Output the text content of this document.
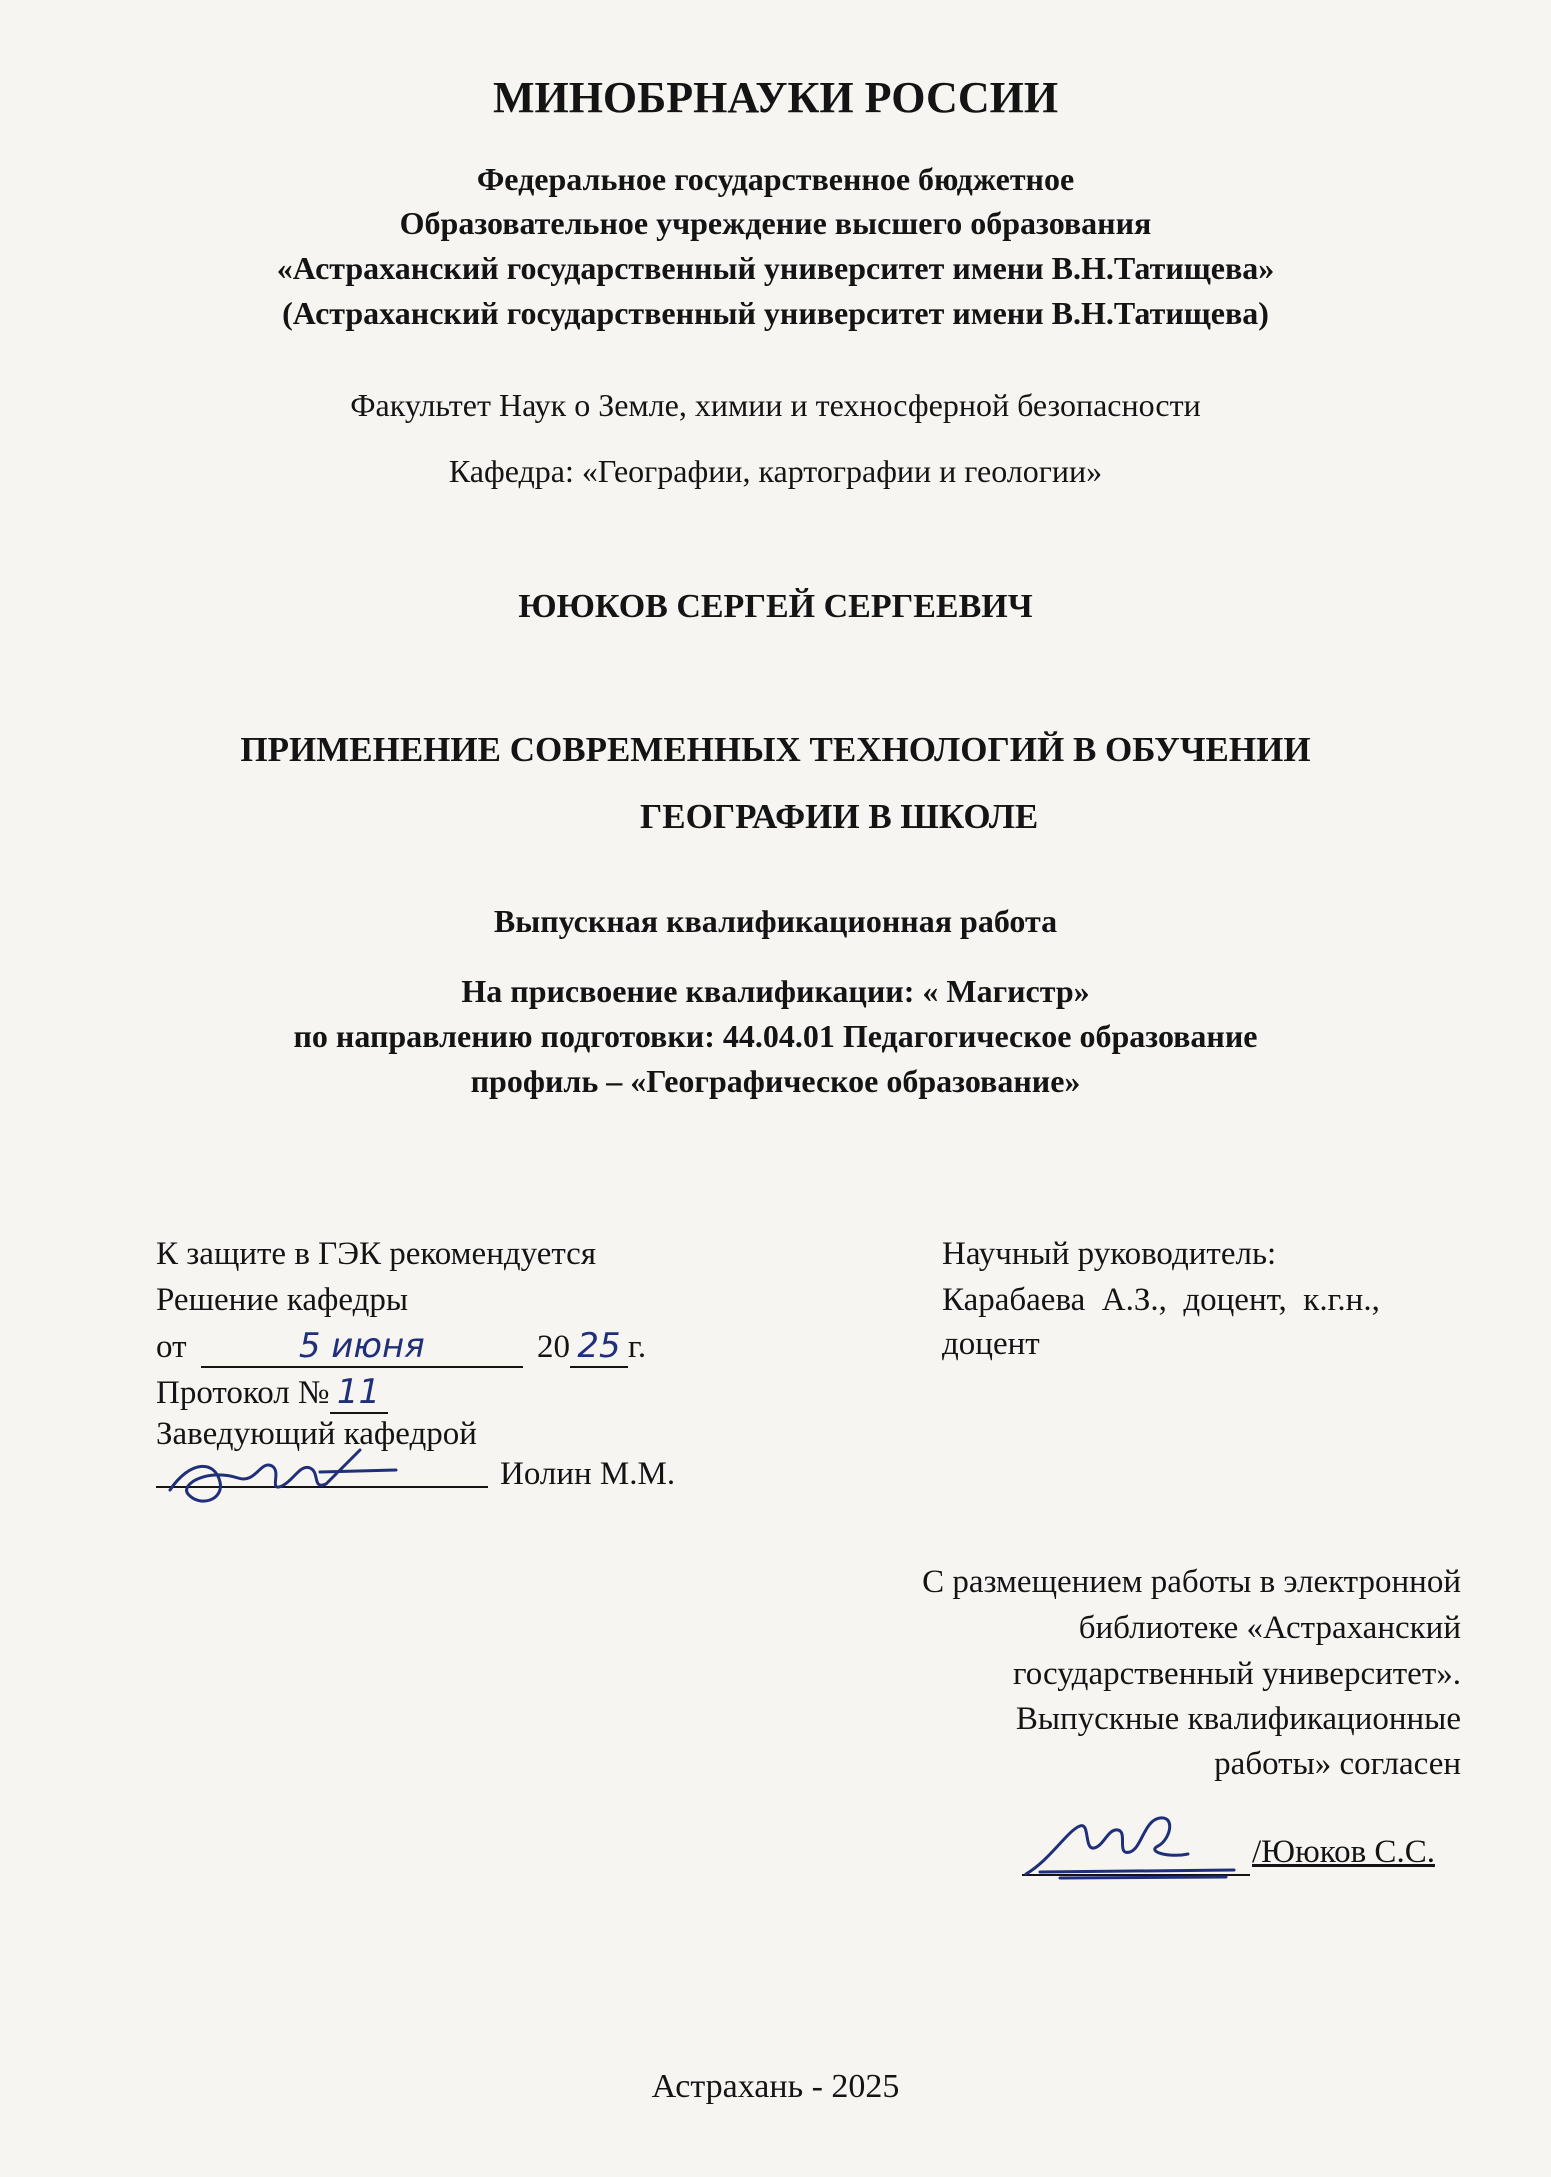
МИНОБРНАУКИ РОССИИ
Федеральное государственное бюджетное
Образовательное учреждение высшего образования
«Астраханский государственный университет имени В.Н.Татищева»
(Астраханский государственный университет имени В.Н.Татищева)
Факультет Наук о Земле, химии и техносферной безопасности
Кафедра: «Географии, картографии и геологии»
ЮЮКОВ СЕРГЕЙ СЕРГЕЕВИЧ
ПРИМЕНЕНИЕ СОВРЕМЕННЫХ ТЕХНОЛОГИЙ В ОБУЧЕНИИ
ГЕОГРАФИИ В ШКОЛЕ
Выпускная квалификационная работа
На присвоение квалификации: « Магистр»
по направлению подготовки: 44.04.01 Педагогическое образование
профиль – «Географическое образование»
К защите в ГЭК рекомендуется
Решение кафедры
от	5 июня	20 25 г.
Протокол № 11
Заведующий кафедрой
Иолин М.М.
Научный руководитель:
Карабаева  А.З.,  доцент,  к.г.н.,
доцент
С размещением работы в электронной
библиотеке «Астраханский
государственный университет».
Выпускные квалификационные
работы» согласен
/Ююков С.С.
Астрахань - 2025
